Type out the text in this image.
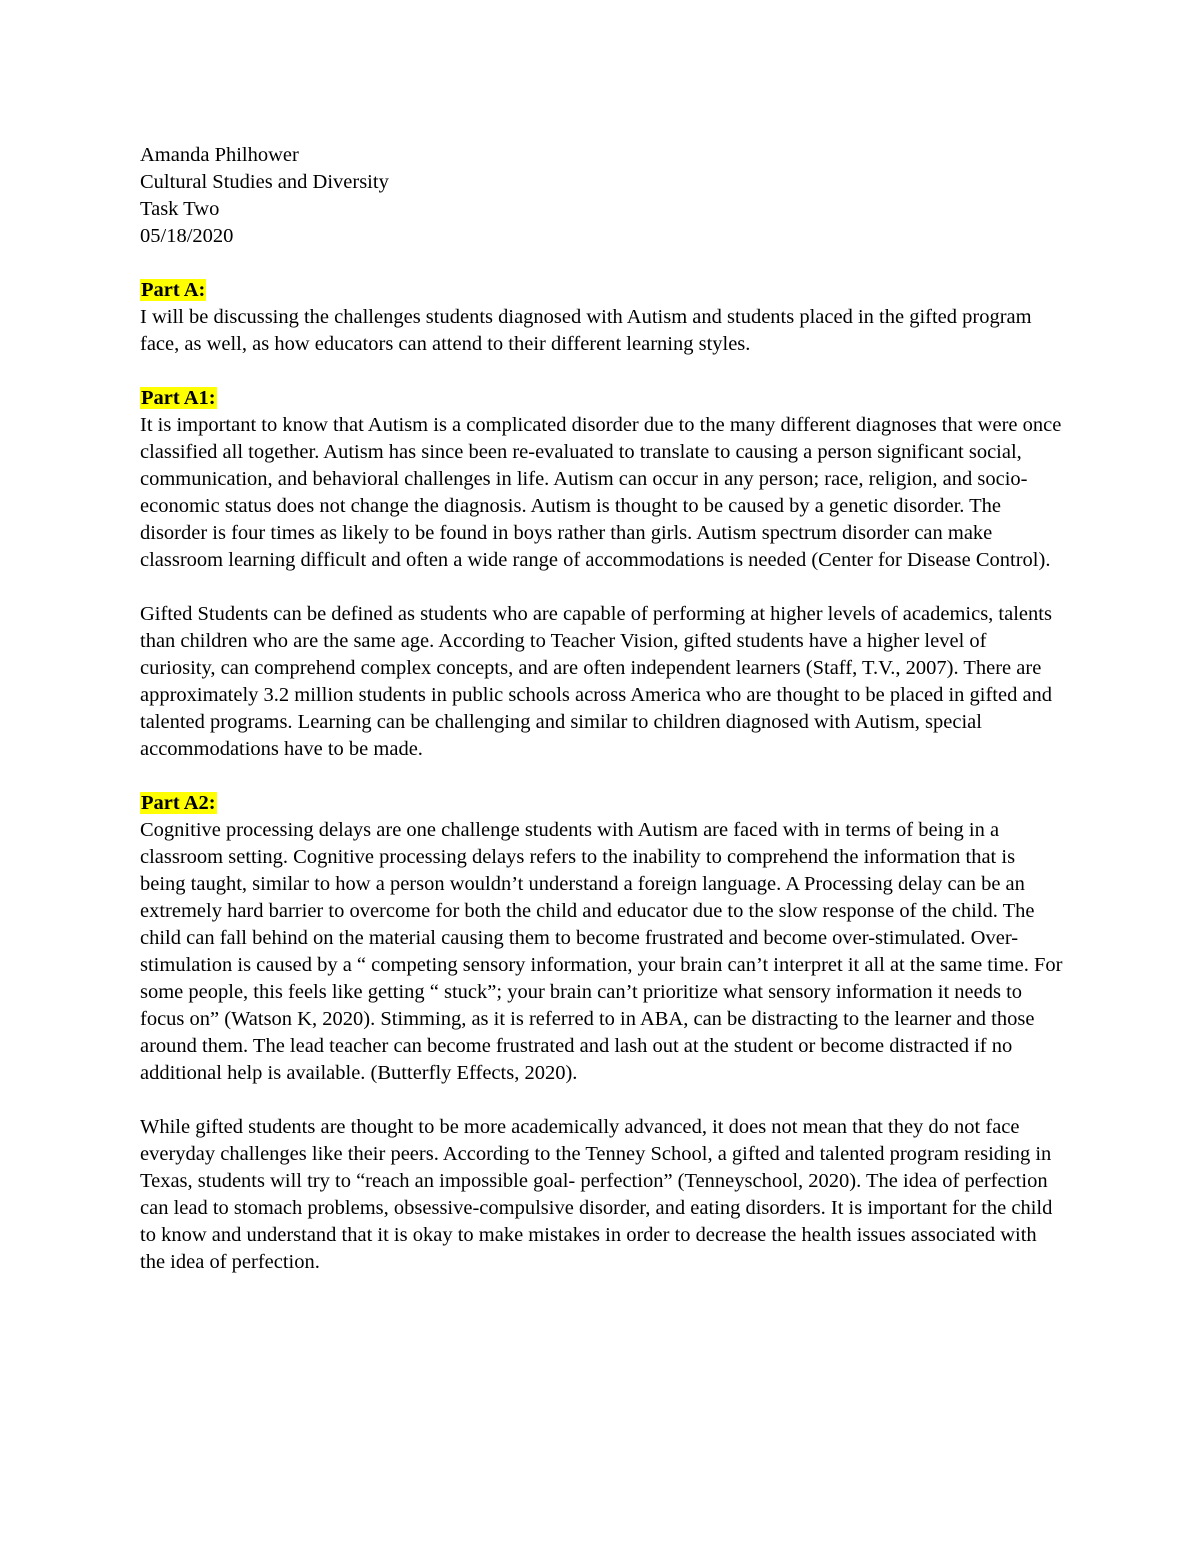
Amanda Philhower
Cultural Studies and Diversity
Task Two
05/18/2020
Part A:

I will be discussing the challenges students diagnosed with Autism and students placed in the gifted program face, as well, as how educators can attend to their different learning styles.

Part A1:

It is important to know that Autism is a complicated disorder due to the many different diagnoses that were once classified all together. Autism has since been re-evaluated to translate to causing a person significant social, communication, and behavioral challenges in life. Autism can occur in any person; race, religion, and socio-economic status does not change the diagnosis. Autism is thought to be caused by a genetic disorder. The disorder is four times as likely to be found in boys rather than girls. Autism spectrum disorder can make classroom learning difficult and often a wide range of accommodations is needed (Center for Disease Control).

Gifted Students can be defined as students who are capable of performing at higher levels of academics, talents than children who are the same age. According to Teacher Vision, gifted students have a higher level of curiosity, can comprehend complex concepts, and are often independent learners (Staff, T.V., 2007). There are approximately 3.2 million students in public schools across America who are thought to be placed in gifted and talented programs. Learning can be challenging and similar to children diagnosed with Autism, special accommodations have to be made.

Part A2:

Cognitive processing delays are one challenge students with Autism are faced with in terms of being in a classroom setting. Cognitive processing delays refers to the inability to comprehend the information that is being taught, similar to how a person wouldn’t understand a foreign language. A Processing delay can be an extremely hard barrier to overcome for both the child and educator due to the slow response of the child. The child can fall behind on the material causing them to become frustrated and become over-stimulated. Over-stimulation is caused by a “ competing sensory information, your brain can’t interpret it all at the same time. For some people, this feels like getting “ stuck”; your brain can’t prioritize what sensory information it needs to focus on” (Watson K, 2020). Stimming, as it is referred to in ABA, can be distracting to the learner and those around them. The lead teacher can become frustrated and lash out at the student or become distracted if no additional help is available. (Butterfly Effects, 2020).

While gifted students are thought to be more academically advanced, it does not mean that they do not face everyday challenges like their peers. According to the Tenney School, a gifted and talented program residing in Texas, students will try to “reach an impossible goal- perfection” (Tenneyschool, 2020). The idea of perfection can lead to stomach problems, obsessive-compulsive disorder, and eating disorders. It is important for the child to know and understand that it is okay to make mistakes in order to decrease the health issues associated with the idea of perfection.
